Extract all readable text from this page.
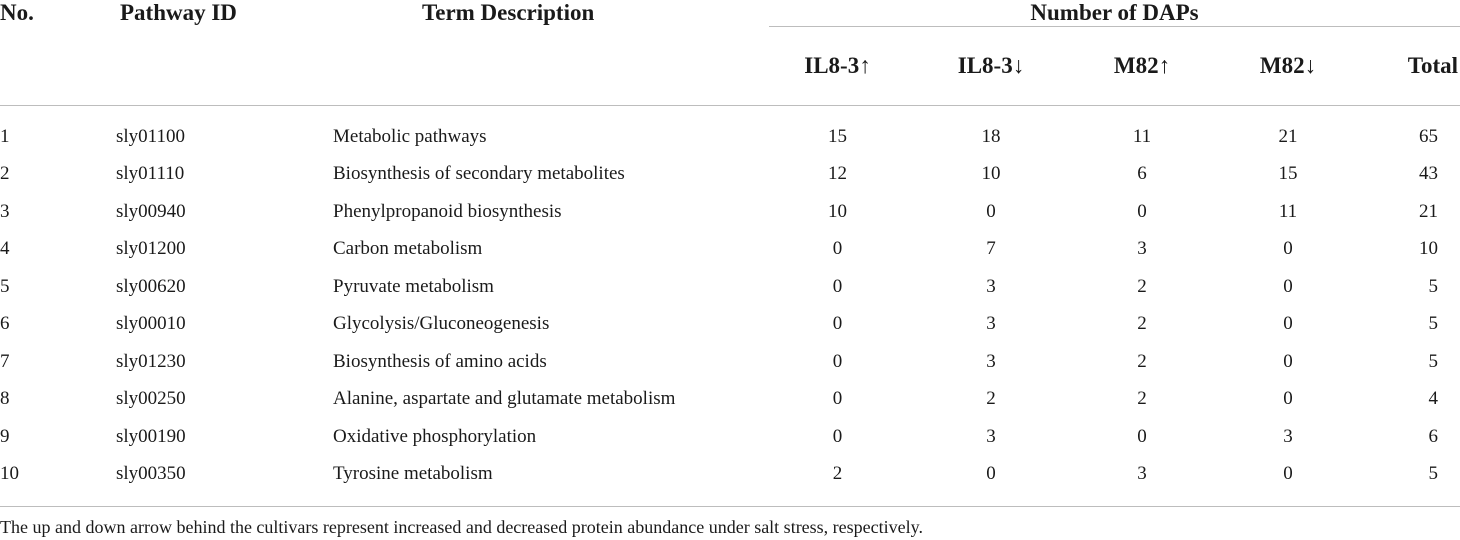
No.	Pathway ID	Term Description	Number of DAPs				
			IL8-3↑	IL8-3↓	M82↑	M82↓	Total

1	sly01100	Metabolic pathways	15	18	11	21	65
2	sly01110	Biosynthesis of secondary metabolites	12	10	6	15	43
3	sly00940	Phenylpropanoid biosynthesis	10	0	0	11	21
4	sly01200	Carbon metabolism	0	7	3	0	10
5	sly00620	Pyruvate metabolism	0	3	2	0	5
6	sly00010	Glycolysis/Gluconeogenesis	0	3	2	0	5
7	sly01230	Biosynthesis of amino acids	0	3	2	0	5
8	sly00250	Alanine, aspartate and glutamate metabolism	0	2	2	0	4
9	sly00190	Oxidative phosphorylation	0	3	0	3	6
10	sly00350	Tyrosine metabolism	2	0	3	0	5
The up and down arrow behind the cultivars represent increased and decreased protein abundance under salt stress, respectively.
